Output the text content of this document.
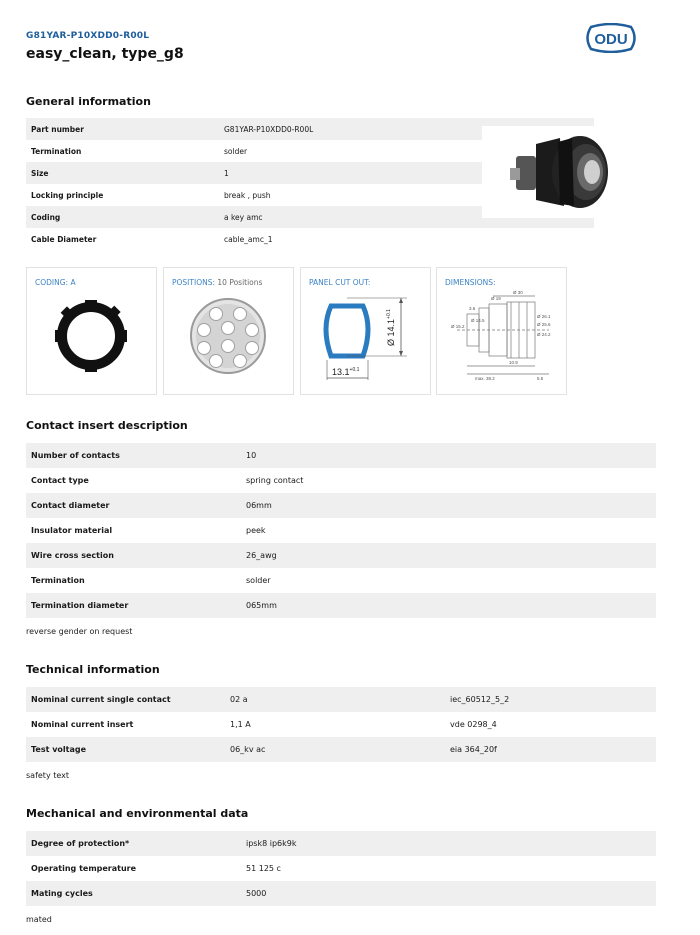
G81YAR-P10XDD0-R00L
easy_clean, type_g8
ODU
General information
Part number	G81YAR-P10XDD0-R00L
Termination	solder
Size	1
Locking principle	break , push
Coding	a key amc
Cable Diameter	cable_amc_1
CODING: A	POSITIONS: 10 Positions	PANEL CUT OUT:
Ø $14.1^{+0.1}$
$13.1^{+0.1}$
DIMENSIONS:
Ø 30
3.6
Ø 15.2
Ø 14.5
Ø 26.1
Ø 25.6
Ø 24.2
Ø 19
10.9
max. 38.2	5.5
Contact insert description
Number of contacts	10
Contact type	spring contact
Contact diameter	06mm
Insulator material	peek
Wire cross section	26_awg
Termination	solder
Termination diameter	065mm
reverse gender on request
Technical information
Nominal current single contact	02 a	iec_60512_5_2
Nominal current insert	1,1 A	vde 0298_4
Test voltage	06_kv ac	eia 364_20f
safety text
Mechanical and environmental data
Degree of protection*	ipsk8 ip6k9k
Operating temperature	51 125 c
Mating cycles	5000
mated
